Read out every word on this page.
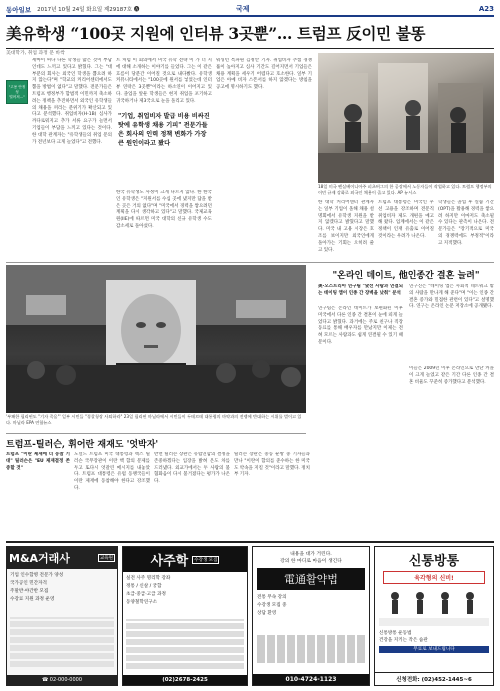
동아일보 2017년 10월 24일 화요일 제29187호 🅐	국제	A23
美유학생 “100곳 지원에 인터뷰 3곳뿐”… 트럼프 反이민 불똥
美대학가, 취업 과정 문 바싹
"고용 안정성
떨어져..."
세마이 씨나 다른 학생들 많은 것이 부담인데도 느끼고 있다고 밝혔다. 그는 "대부분의 회사는 외국인 학생을 뽑으려 하지 않는다"며 "학교의 커리어센터에서도 뽑을 방법이 없다"고 말했다. 전문가들은 트럼프 행정부가 합법적 이민까지 축소하려는 정책을 추진하면서 외국인 유학생들의 채용을 꺼리는 분위기가 확산되고 있다고 분석했다. 취업비자(H-1B) 심사가 까다로워지고 추가 서류 요구가 늘면서 기업들이 부담을 느끼고 있다는 것이다. 한 대학 관계자는 "유학생들의 취업 문의가 전년보다 크게 늘었다"고 전했다.
트 처럼 이 회의에서 미국 유학 전략 이 가 더 지 에 대해 소개하는 이야기를 들었다. 그는 이 같은 흐름이 당분간 이어질 것으로 내다봤다. 유학생 커뮤니티에서는 "100곳에 원서를 넣었는데 인터뷰 연락은 3곳뿐"이라는 하소연이 이어지고 있다. 졸업을 앞둔 학생들은 현지 취업을 포기하고 귀국하거나 제3국으로 눈을 돌리고 있다.
"기업, 취업비자 발급 비용 비싸진 탓에 유학생 채용 기피" 전문가들은 회사의 인력 정책 변화가 가장 큰 원인이라고 봤다
한국 유학생도 사정이 크게 다르지 않다. 한 한국인 유학생은 "지원서를 수십 곳에 냈지만 답을 받은 곳은 거의 없다"며 "미국에서 경력을 쌓으려던 계획을 다시 생각하고 있다"고 말했다. 국제교육원(IIE)에 따르면 미국 대학의 신규 유학생 수도 감소세로 돌아섰다.
워싱턴 특파원 김정안 기자. 취업비자 추첨 경쟁률이 높아지고 심사 기간도 길어지면서 기업들은 채용 계획을 세우기 어렵다고 호소한다. 일부 기업은 아예 비자 스폰서를 하지 않겠다는 방침을 공고에 명시하기도 했다.
18일 미국 펜실베이니아주 피츠버그의 한 공장에서 노동자들이 작업하고 있다. 트럼프 행정부의 이민 규제 강화로 외국인 채용이 줄고 있다. AP 뉴시스
한 대학 커리어센터 관계자는 일부 기업이 올해 채용 설명회에서 유학생 지원을 받지 않겠다고 밝혔다고 말했다. 미국 내 고용 시장은 호조를 보이지만 외국인에게 돌아가는 기회는 오히려 줄고 있다.
트럼프 대통령은 미국인 우선 고용을 강조하며 전문직 취업비자 제도 개편을 예고해 왔다. 업계에서는 이 같은 정책이 인재 유출로 이어질 것이라는 우려가 나온다.
학생들은 졸업 후 실습 기간(OPT)을 활용해 경력을 쌓으려 하지만 이마저도 축소될 수 있다는 관측이 나온다. 전문가들은 "장기적으로 미국의 경쟁력에도 부정적"이라고 지적했다.
'부패한 필리핀도 "기자 죽음"' 일부 시민들 "경찰청장 사퇴하라" 23일 필리핀 마닐라에서 시민들이 두테르테 대통령의 마약과의 전쟁에 반대하는 시위를 벌이고 있다. 마닐라 EPA 연합뉴스
"온라인 데이트, 他인종간 결혼 늘려"
美·오스트리아 연구팀 "낯선 사람과 연결되는 데이팅 앱이 인종 간 장벽을 낮춰" 분석
연구팀은 온라인 데이트가 보편화된 이후 미국에서 다른 인종 간 결혼이 눈에 띄게 늘었다고 밝혔다. 과거에는 주로 친구나 직장 동료를 통해 배우자를 만났지만 이제는 전혀 모르는 사람과도 쉽게 연결될 수 있기 때문이다.
연구진은 "데이팅 앱은 사회적 네트워크 밖의 사람을 만나게 해 준다"며 "이는 인종 간 결혼 증가와 밀접한 관련이 있다"고 설명했다. 연구는 온라인 논문 저장소에 공개됐다.
이들은 2009년 이후 온라인으로 만난 커플이 크게 늘었고 같은 기간 다른 인종 간 결혼 비율도 꾸준히 증가했다고 분석했다.
트럼프-틸러슨, 휘어란 재재도 '엇박자'
트럼프 "이란 제재에 더 동참 기대" 틸러슨은 "EU 제재결정 존중할 것"
도널드 트럼프 미국 대통령과 렉스 틸러슨 국무장관이 이란 핵 합의 문제를 두고 또다시 엇갈린 메시지를 내놓았다. 트럼프 대통령은 유럽 동맹국들이 이란 제재에 동참해야 한다고 강조했다.
반면 틸러슨 장관은 유럽연합의 결정을 존중하겠다는 입장을 밝혀 온도 차를 드러냈다. 외교가에서는 두 사람의 불협화음이 다시 불거졌다는 평가가 나온다.
틸러슨 장관은 중동 순방 중 기자들과 만나 "이란이 합의를 준수하는 한 미국도 약속을 지킬 것"이라고 말했다. 정치부 기자.
M&A거래사	교육원
기업 인수합병 전문가 양성
국가공인 민간자격
주말반·야간반 모집
수강료 지원 과정 운영
☎ 02-000-0000
사주학	수강생 모집
실전 사주 명리학 강좌
정통 / 신살 / 궁합
초급·중급·고급 과정
동양철학연구소
(02)2678-2425
내용을 대가 거린다.
강의 한 마디로 마음이 생긴다
電通활약법
전통 무속 강의
수강생 모집 중
상담 환영
010-4724-1123
신통방통
육각형의 신비!
신통방통 운동법
건강을 지키는 작은 습관
무료로 보내드립니다
신청전화: (02)452-1445~6
